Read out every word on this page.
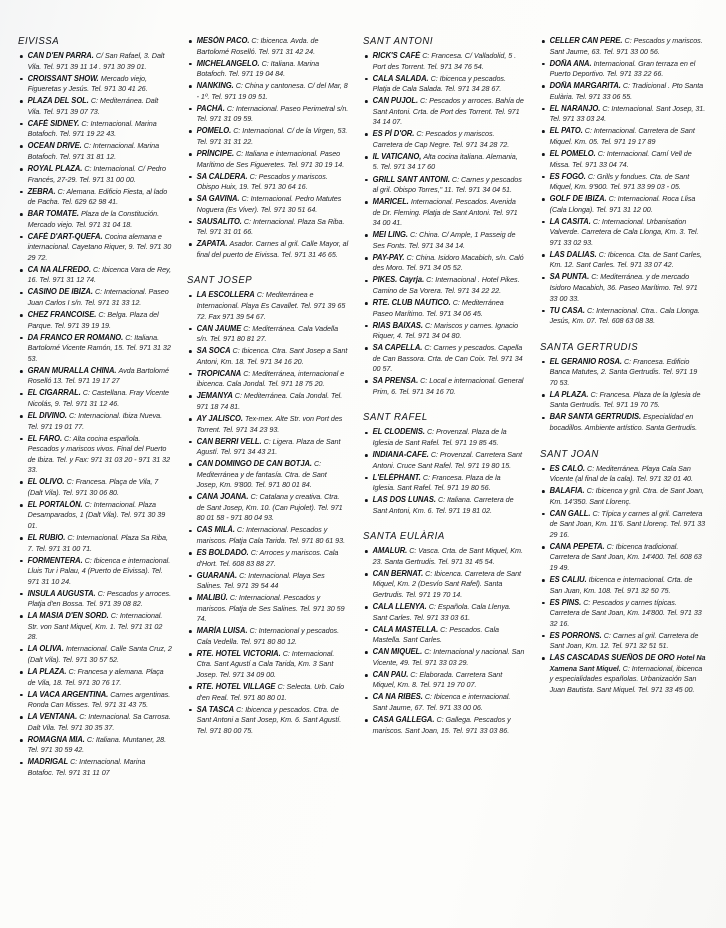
EIVISSA
CAN D'EN PARRA. C/ San Rafael, 3. Dalt Vila. Tel. 971 39 11 14 . 971 30 39 01.
CROISSANT SHOW. Mercado viejo, Figueretas y Jesús. Tel. 971 30 41 26.
PLAZA DEL SOL. C: Mediterránea. Dalt Vila. Tel. 971 39 07 73.
CAFÉ SIDNEY. C: Internacional. Marina Botafoch. Tel. 971 19 22 43.
OCEAN DRIVE. C: Internacional. Marina Botafoch. Tel. 971 31 81 12.
ROYAL PLAZA. C: Internacional. C/ Pedro Francés, 27-29. Tel. 971 31 00 00.
ZEBRA. C: Alemana. Edificio Fiesta, al lado de Pacha. Tel. 629 62 98 41.
BAR TOMATE. Plaza de la Constitución. Mercado viejo. Tel. 971 31 04 18.
CAFÉ D'ART-QUEFA. Cocina alemana e internacional. Cayetano Riquer, 9. Tel. 971 30 29 72.
CA NA ALFREDO. C: Ibicenca Vara de Rey, 16. Tel. 971 31 12 74.
CASINO DE IBIZA. C: Internacional. Paseo Juan Carlos I s/n. Tel. 971 31 33 12.
CHEZ FRANCOISE. C: Belga. Plaza del Parque. Tel. 971 39 19 19.
DA FRANCO ER ROMANO. C: Italiana. Bartolomé Vicente Ramón, 15. Tel. 971 31 32 53.
GRAN MURALLA CHINA. Avda Bartolomé Roselló 13. Tel. 971 19 17 27
EL CIGARRAL. C: Castellana. Fray Vicente Nicolás, 9. Tel. 971 31 12 46.
EL DIVINO. C: Internacional. Ibiza Nueva. Tel. 971 19 01 77.
EL FARO. C: Alta cocina española. Pescados y mariscos vivos. Final del Puerto de Ibiza. Tel. y Fax: 971 31 03 20 - 971 31 32 33.
EL OLIVO. C: Francesa. Plaça de Vila, 7 (Dalt Vila). Tel. 971 30 06 80.
EL PORTALÓN. C: Internacional. Plaza Desamparados, 1 (Dalt Vila). Tel. 971 30 39 01.
EL RUBIO. C: Internacional. Plaza Sa Riba, 7. Tel. 971 31 00 71.
FORMENTERA. C: Ibicenca e internacional. Lluis Tur i Palau, 4 (Puerto de Eivissa). Tel. 971 31 10 24.
INSULA AUGUSTA. C: Pescados y arroces. Platja d'en Bossa. Tel. 971 39 08 82.
LA MASIA D'EN SORD. C: Internacional. Str. von Sant Miquel, Km. 1. Tel. 971 31 02 28.
LA OLIVA. Internacional. Calle Santa Cruz, 2 (Dalt Vila). Tel. 971 30 57 52.
LA PLAZA. C: Francesa y alemana. Plaça de Vila, 18. Tel. 971 30 76 17.
LA VACA ARGENTINA. Carnes argentinas. Ronda Can Misses. Tel. 971 31 43 75.
LA VENTANA. C: Internacional. Sa Carrosa. Dalt Vila. Tel. 971 30 35 37.
ROMAGNA MIA. C: Italiana. Muntaner, 28. Tel. 971 30 59 42.
MADRIGAL C: Internacional. Marina Botafoc. Tel. 971 31 11 07
MESÓN PACO. C: Ibicenca. Avda. de Bartolomé Roselló. Tel. 971 31 42 24.
MICHELANGELO. C: Italiana. Marina Botafoch. Tel. 971 19 04 84.
NANKING. C: China y cantonesa. C/ del Mar, 8 - 1º. Tel. 971 19 09 51.
PACHÁ. C: Internacional. Paseo Perimetral s/n. Tel. 971 31 09 59.
POMELO. C: Internacional. C/ de la Virgen, 53. Tel. 971 31 31 22.
PRÍNCIPE. C: Italiana e internacional. Paseo Marítimo de Ses Figueretes. Tel. 971 30 19 14.
SA CALDERA. C: Pescados y mariscos. Obispo Huix, 19. Tel. 971 30 64 16.
SA GAVINA. C: Internacional. Pedro Matutes Noguera (Es Viver). Tel. 971 30 51 64.
SAUSALITO. C: Internacional. Plaza Sa Riba. Tel. 971 31 01 66.
ZAPATA. Asador. Carnes al gril. Calle Mayor, al final del puerto de Eivissa. Tel. 971 31 46 65.
SANT JOSEP
LA ESCOLLERA C: Mediterránea e Internacional. Playa Es Cavallet. Tel. 971 39 65 72. Fax 971 39 54 67.
CAN JAUME C: Mediterránea. Cala Vadella s/n. Tel. 971 80 81 27.
SA SOCA C: Ibicenca. Ctra. Sant Josep a Sant Antoni, Km. 18. Tel. 971 34 16 20.
TROPICANA C: Mediterránea, internacional e ibicenca. Cala Jondal. Tel. 971 18 75 20.
JEMANYA C: Mediterránea. Cala Jondal. Tel. 971 18 74 81.
AY JALISCO. Tex-mex. Alte Str. von Port des Torrent. Tel. 971 34 23 93.
CAN BERRI VELL. C: Ligera. Plaza de Sant Agustí. Tel. 971 34 43 21.
CAN DOMINGO DE CAN BOTJA. C: Mediterránea y de fantasía. Ctra. de Sant Josep, Km. 9'800. Tel. 971 80 01 84.
CANA JOANA. C: Catalana y creativa. Ctra. de Sant Josep, Km. 10. (Can Pujolet). Tel. 971 80 01 58 - 971 80 04 93.
CAS MILÀ. C: Internacional. Pescados y mariscos. Platja Cala Tarida. Tel. 971 80 61 93.
ES BOLDADÓ. C: Arroces y mariscos. Cala d'Hort. Tel. 608 83 88 27.
GUARANÁ. C: Internacional. Playa Ses Salines. Tel. 971 39 54 44
MALIBÚ. C: Internacional. Pescados y mariscos. Platja de Ses Salines. Tel. 971 30 59 74.
MARÍA LUISA. C: Internacional y pescados. Cala Vedella. Tel. 971 80 80 12.
RTE. HOTEL VICTORIA. C: Internacional. Ctra. Sant Agustí a Cala Tarida, Km. 3 Sant Josep. Tel. 971 34 09 00.
RTE. HOTEL VILLAGE C: Selecta. Urb. Calo d'en Real. Tel. 971 80 80 01.
SA TASCA C: Ibicenca y pescados. Ctra. de Sant Antoni a Sant Josep, Km. 6. Sant Agustí. Tel. 971 80 00 75.
SANT ANTONI
RICK'S CAFÉ C: Francesa. C/ Valladolid, 5 . Port des Torrent. Tel. 971 34 76 54.
CALA SALADA. C: Ibicenca y pescados. Platja de Cala Salada. Tel. 971 34 28 67.
CAN PUJOL. C: Pescados y arroces. Bahía de Sant Antoni. Crta. de Port des Torrent. Tel. 971 34 14 07.
ES PÍ D'OR. C: Pescados y mariscos. Carretera de Cap Negre. Tel. 971 34 28 72.
IL VATICANO, Alta cocina italiana. Alemania, 5. Tel. 971 34 17 60
GRILL SANT ANTONI. C: Carnes y pescados al gril. Obispo Torres," 11. Tel. 971 34 04 51.
MARICEL. Internacional. Pescados. Avenida de Dr. Fleming. Platja de Sant Antoni. Tel. 971 34 00 41.
MEI LING. C: China. C/ Ample, 1 Passeig de Ses Fonts. Tel. 971 34 34 14.
PAY-PAY. C: China. Isidoro Macabich, s/n. Caló des Moro. Tel. 971 34 05 52.
PIKES. Cayrja. C: Internacional . Hotel Pikes. Camino de Sa Vorera. Tel. 971 34 22 22.
RTE. CLUB NÁUTICO. C: Mediterránea Paseo Marítimo. Tel. 971 34 06 45.
RIAS BAIXAS. C: Mariscos y carnes. Ignacio Riquer, 4. Tel. 971 34 04 80.
SA CAPELLA. C: Carnes y pescados. Capella de Can Bassora. Crta. de Can Coix. Tel. 971 34 00 57.
SA PRENSA. C: Local e internacional. General Prim, 6. Tel. 971 34 16 70.
SANT RAFEL
EL CLODENIS. C: Provenzal. Plaza de la Iglesia de Sant Rafel. Tel. 971 19 85 45.
INDIANA-CAFE. C: Provenzal. Carretera Sant Antoni. Cruce Sant Rafel. Tel. 971 19 80 15.
L'ELÉPHANT. C: Francesa. Plaza de la Iglesia. Sant Rafel. Tel. 971 19 80 56.
LAS DOS LUNAS. C: Italiana. Carretera de Sant Antoni, Km. 6. Tel. 971 19 81 02.
SANTA EULÀRIA
AMALUR. C: Vasca. Crta. de Sant Miquel, Km. 23. Santa Gertrudis. Tel. 971 31 45 54.
CAN BERNAT. C: Ibicenca. Carretera de Sant Miquel, Km. 2 (Desvío Sant Rafel). Santa Gertrudis. Tel. 971 19 70 14.
CALA LLENYA. C: Española. Cala Llenya. Sant Carles. Tel. 971 33 03 61.
CALA MASTELLA. C: Pescados. Cala Mastella. Sant Carles.
CAN MIQUEL. C: Internacional y nacional. San Vicente, 49. Tel. 971 33 03 29.
CAN PAU. C: Elaborada. Carretera Sant Miquel, Km. 8. Tel. 971 19 70 07.
CA NA RIBES. C: Ibicenca e internacional. Sant Jaume, 67. Tel. 971 33 00 06.
CASA GALLEGA. C: Gallega. Pescados y mariscos. Sant Joan, 15. Tel. 971 33 03 86.
CELLER CAN PERE. C: Pescados y mariscos. Sant Jaume, 63. Tel. 971 33 00 56.
DOÑA ANA. Internacional. Gran terraza en el Puerto Deportivo. Tel. 971 33 22 66.
DOÑA MARGARITA. C: Tradicional . Pto Santa Eulària. Tel. 971 33 06 55.
EL NARANJO. C: Internacional. Sant Josep, 31. Tel. 971 33 03 24.
EL PATO. C: Internacional. Carretera de Sant Miquel. Km. 05. Tel. 971 19 17 89
EL POMELO. C: Internacional. Camí Vell de Missa. Tel. 971 33 04 74.
ES FOGÓ. C: Grills y fondues. Cta. de Sant Miquel, Km. 9'900. Tel. 971 33 99 03 - 05.
GOLF DE IBIZA. C: Internacional. Roca Llisa (Cala Llonga). Tel. 971 31 12 00.
LA CASITA. C: Internacional. Urbanisation Valverde. Carretera de Cala Llonga, Km. 3. Tel. 971 33 02 93.
LAS DALIAS. C: Ibicenca. Cta. de Sant Carles, Km. 12. Sant Carles. Tel. 971 33 07 42.
SA PUNTA. C: Mediterránea. y de mercado Isidoro Macabich, 36. Paseo Marítimo. Tel. 971 33 00 33.
TU CASA. C: Internacional. Ctra.. Cala Llonga. Jesús, Km. 07. Tel. 608 63 08 38.
SANTA GERTRUDIS
EL GERANIO ROSA. C: Francesa. Edificio Banca Matutes, 2. Santa Gertrudis. Tel. 971 19 70 53.
LA PLAZA. C: Francesa. Plaza de la Iglesia de Santa Gertrudis. Tel. 971 19 70 75.
BAR SANTA GERTRUDIS. Especialidad en bocadillos. Ambiente artístico. Santa Gertrudis.
SANT JOAN
ES CALÓ. C: Mediterránea. Playa Cala San Vicente (al final de la cala). Tel. 971 32 01 40.
BALAFIA. C: Ibicenca y gril. Ctra. de Sant Joan, Km. 14'350. Sant Llorenç.
CAN GALL. C: Típica y carnes al gril. Carretera de Sant Joan, Km. 11'6. Sant Llorenç. Tel. 971 33 29 16.
CANA PEPETA. C: Ibicenca tradicional. Carretera de Sant Joan, Km. 14'400. Tel. 608 63 19 49.
ES CALIU. Ibicenca e internacional. Crta. de San Juan, Km. 108. Tel. 971 32 50 75.
ES PINS. C: Pescados y carnes típicas. Carretera de Sant Joan, Km. 14'800. Tel. 971 33 32 16.
ES PORRONS. C: Carnes al gril. Carretera de Sant Joan, Km. 12. Tel. 971 32 51 51.
LAS CASCADAS SUEÑOS DE ORO Hotel Na Xamena Sant Miquel. C: Internacional, ibicenca y especialidades españolas. Urbanización San Juan Bautista. Sant Miquel. Tel. 971 33 45 00.
